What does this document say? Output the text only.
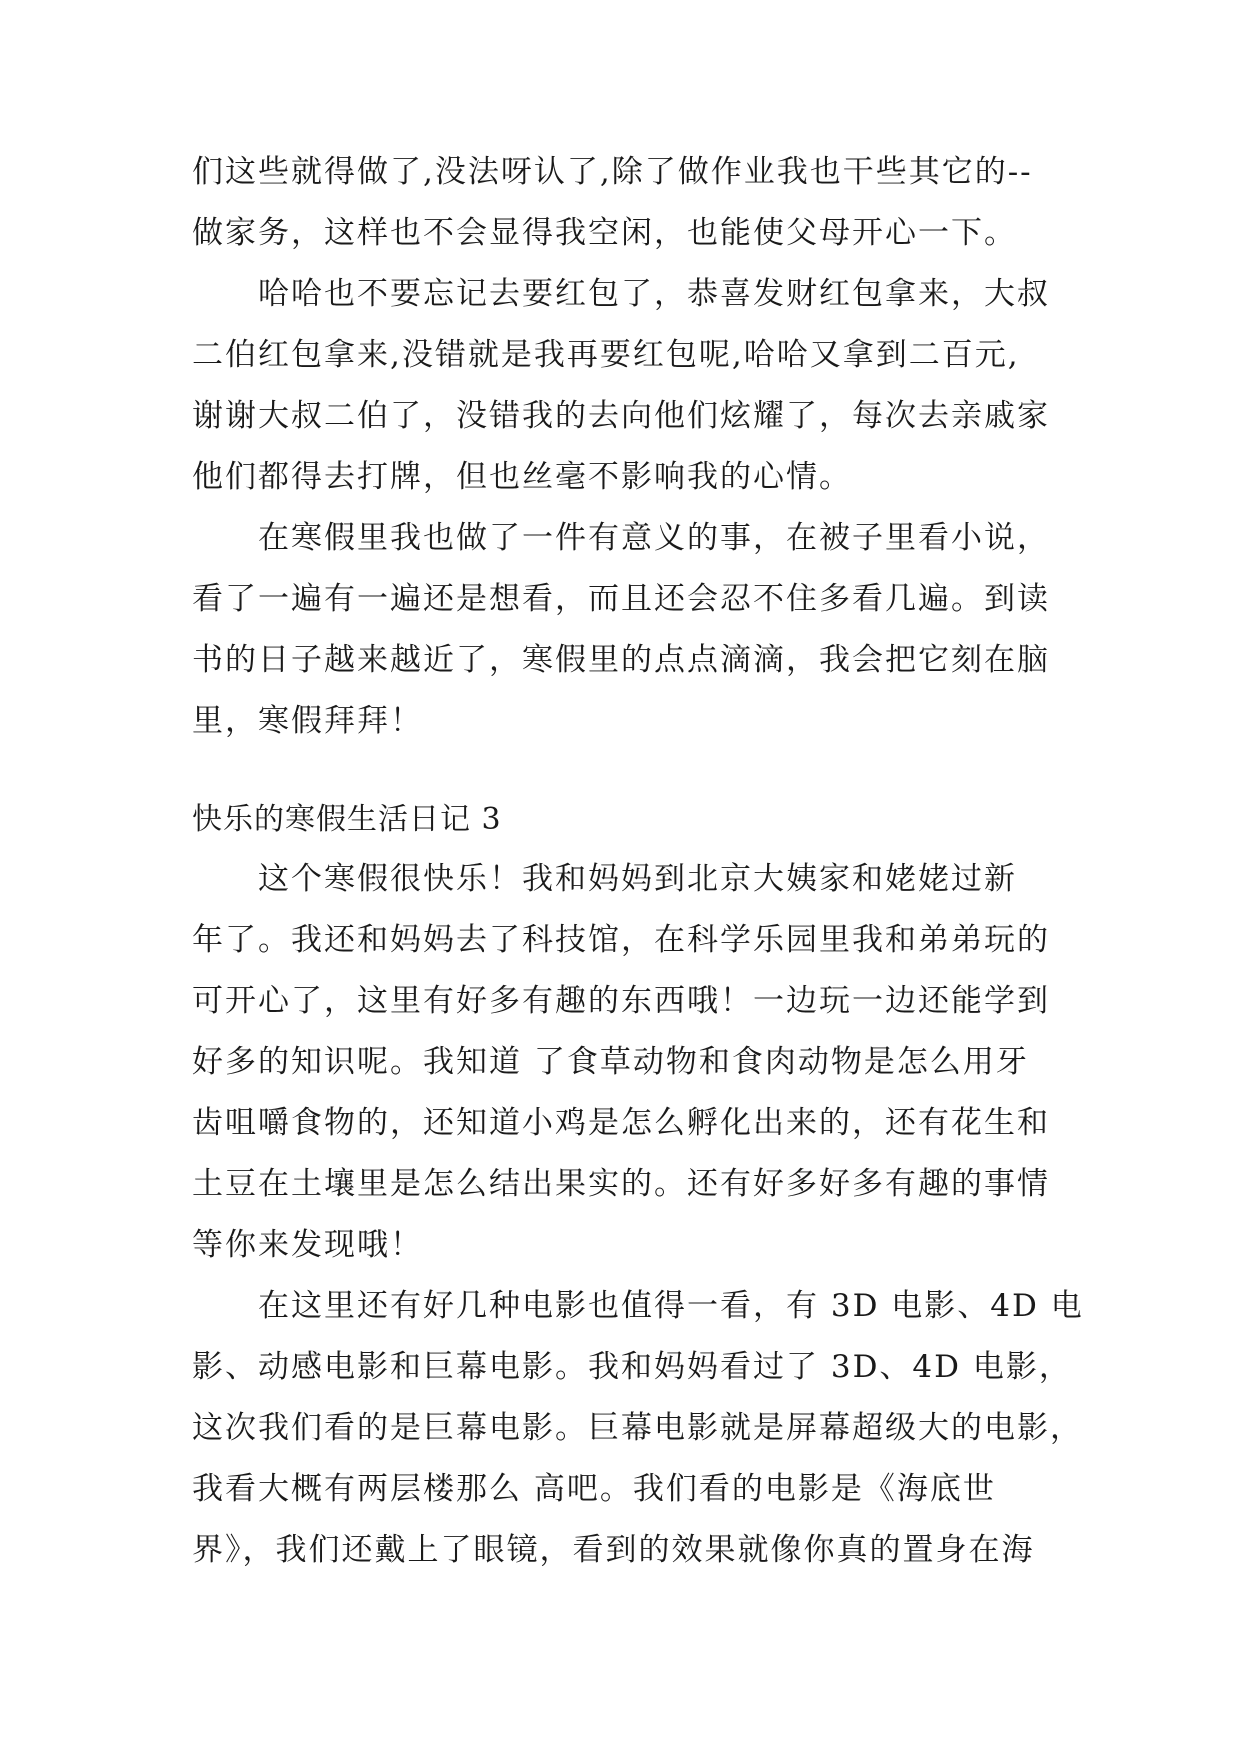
们这些就得做了,没法呀认了,除了做作业我也干些其它的--
做家务，这样也不会显得我空闲，也能使父母开心一下。
哈哈也不要忘记去要红包了，恭喜发财红包拿来，大叔
二伯红包拿来,没错就是我再要红包呢,哈哈又拿到二百元,
谢谢大叔二伯了，没错我的去向他们炫耀了，每次去亲戚家
他们都得去打牌，但也丝毫不影响我的心情。
在寒假里我也做了一件有意义的事，在被子里看小说，
看了一遍有一遍还是想看，而且还会忍不住多看几遍。到读
书的日子越来越近了，寒假里的点点滴滴，我会把它刻在脑
里，寒假拜拜！
快乐的寒假生活日记 3
这个寒假很快乐！我和妈妈到北京大姨家和姥姥过新
年了。我还和妈妈去了科技馆，在科学乐园里我和弟弟玩的
可开心了，这里有好多有趣的东西哦！一边玩一边还能学到
好多的知识呢。我知道 了食草动物和食肉动物是怎么用牙
齿咀嚼食物的，还知道小鸡是怎么孵化出来的，还有花生和
土豆在土壤里是怎么结出果实的。还有好多好多有趣的事情
等你来发现哦！
在这里还有好几种电影也值得一看，有 3D 电影、4D 电
影、动感电影和巨幕电影。我和妈妈看过了 3D、4D 电影，
这次我们看的是巨幕电影。巨幕电影就是屏幕超级大的电影，
我看大概有两层楼那么 高吧。我们看的电影是《海底世
界》，我们还戴上了眼镜，看到的效果就像你真的置身在海
